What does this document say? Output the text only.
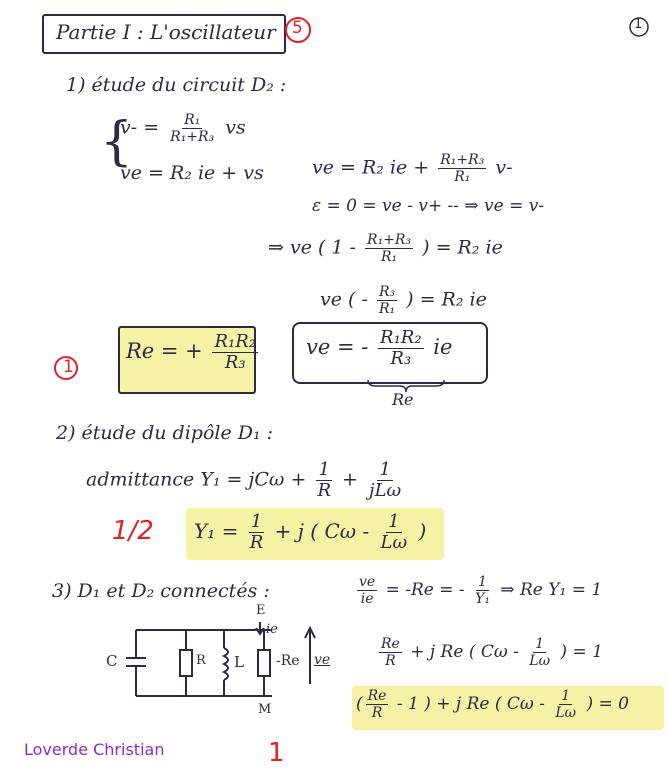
Partie I : L'oscillateur 5	1
1) étude du circuit D₂ :
{
$v- = \frac{\text{R₁}}{\text{R₁+R₃}}$ vs
ve = R₂ ie + vs	ve = R₂ ie + $\frac{\text{R₁+R₃}}{\text{R₁}} v-$
ε = 0 = ve - v+ -- ⇒ ve = v-
⇒ ve ( $1 - \frac{\text{R₁+R₃}}{\text{R₁}}$ ) = R₂ ie
ve ( - $\frac{\text{R₃}}{\text{R₁}}$ ) = R₂ ie
1
Re = + $\frac{\text{R₁R₂}}{\text{R₃}}$ ve = - $\frac{\text{R₁R₂}}{\text{R₃}}$ ie
Re
2) étude du dipôle D₁ :
admittance $Y_1 = jC\omega + \frac{1}{R} + \frac{1}{\text{jLω}}$
1/2 $Y_1 = \frac{1}{R} + j$ ( Cω - $\frac{1}{L\omega}$ )
3) D₁ et D₂ connectés :	$\frac{ve}{ie} = -Re$ = - $\frac{1}{\text{Y₁}}$ ⇒ Re Y₁ = 1
$\frac{Re}{R} + j$ Re ( Cω - $\frac{1}{L\omega}$ ) = 1
( $\frac{Re}{R} - 1$ ) + j Re ( Cω - $\frac{1}{L\omega}$ ) = 0
C	R L -Re
E
ie
ve
M
1
Loverde Christian
